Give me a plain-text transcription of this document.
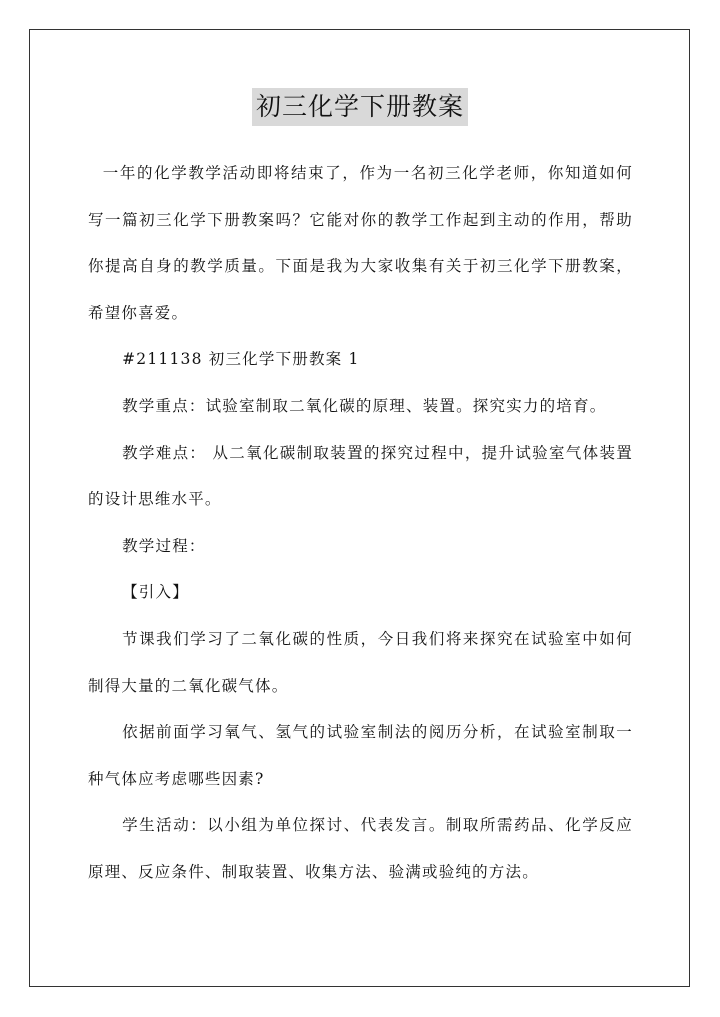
初三化学下册教案

一年的化学教学活动即将结束了，作为一名初三化学老师，你知道如何写一篇初三化学下册教案吗？它能对你的教学工作起到主动的作用，帮助你提高自身的教学质量。下面是我为大家收集有关于初三化学下册教案，希望你喜爱。

#211138 初三化学下册教案 1

教学重点：试验室制取二氧化碳的原理、装置。探究实力的培育。

教学难点： 从二氧化碳制取装置的探究过程中，提升试验室气体装置的设计思维水平。

教学过程：

【引入】

节课我们学习了二氧化碳的性质，今日我们将来探究在试验室中如何制得大量的二氧化碳气体。

依据前面学习氧气、氢气的试验室制法的阅历分析，在试验室制取一种气体应考虑哪些因素?

学生活动：以小组为单位探讨、代表发言。制取所需药品、化学反应原理、反应条件、制取装置、收集方法、验满或验纯的方法。
